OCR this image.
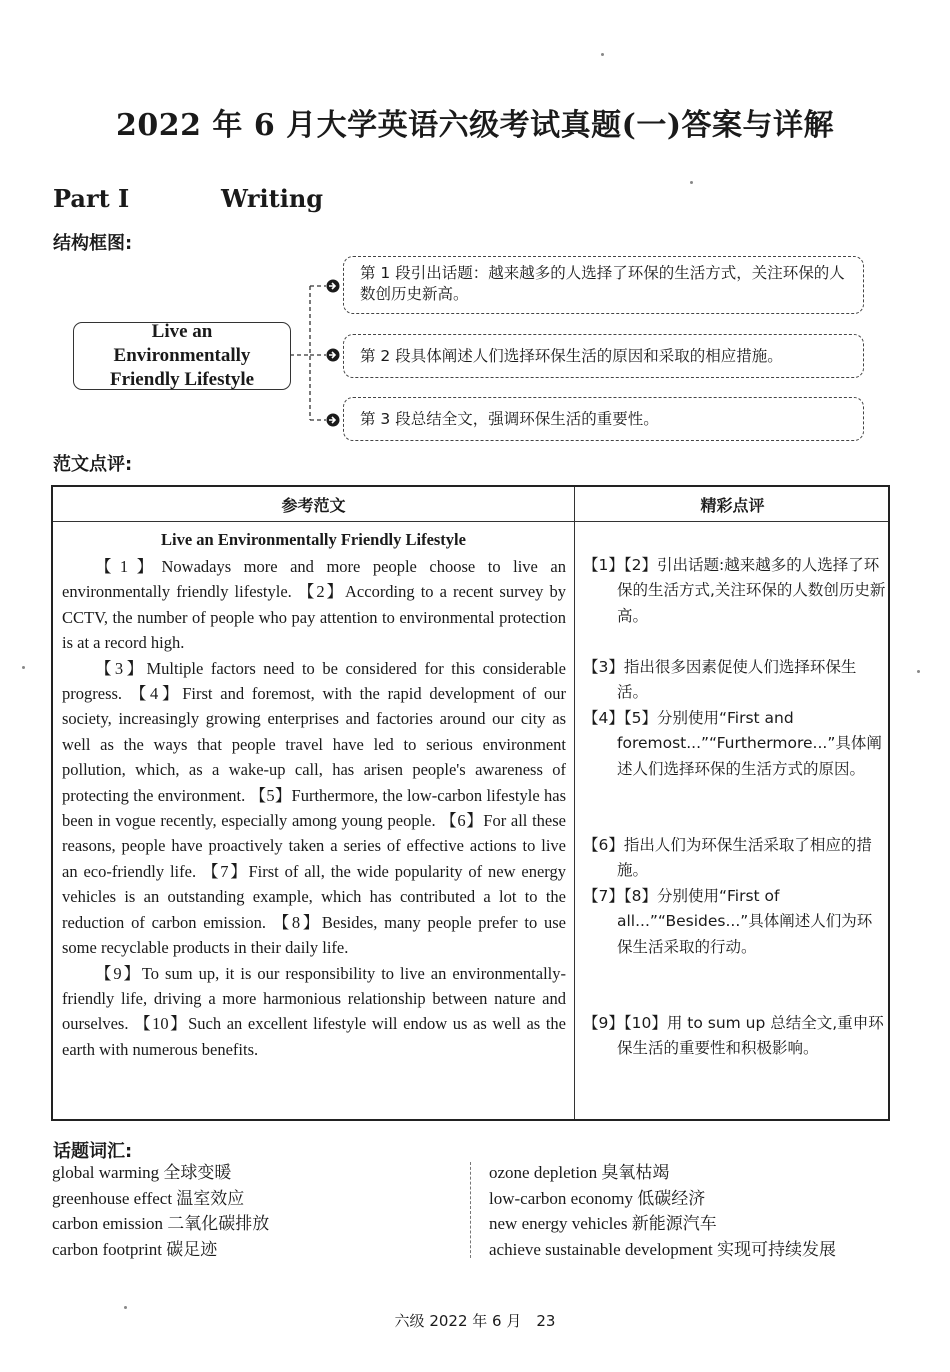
2022 年 6 月大学英语六级考试真题(一)答案与详解
Part Ⅰ	Writing
结构框图:
Live an Environmentally Friendly Lifestyle
第 1 段引出话题：越来越多的人选择了环保的生活方式，关注环保的人数创历史新高。
第 2 段具体阐述人们选择环保生活的原因和采取的相应措施。
第 3 段总结全文，强调环保生活的重要性。
范文点评:
参考范文	精彩点评
Live an Environmentally Friendly Lifestyle

【1】Nowadays more and more people choose to live an environmentally friendly lifestyle. 【2】According to a recent survey by CCTV, the number of people who pay attention to environmental protection is at a record high.

【3】Multiple factors need to be considered for this considerable progress. 【4】First and foremost, with the rapid development of our society, increasingly growing enterprises and factories around our city as well as the ways that people travel have led to serious environment pollution, which, as a wake-up call, has arisen people's awareness of protecting the environment. 【5】Furthermore, the low-carbon lifestyle has been in vogue recently, especially among young people. 【6】For all these reasons, people have proactively taken a series of effective actions to live an eco-friendly life. 【7】First of all, the wide popularity of new energy vehicles is an outstanding example, which has contributed a lot to the reduction of carbon emission. 【8】Besides, many people prefer to use some recyclable products in their daily life.

【9】To sum up, it is our responsibility to live an environmentally-friendly life, driving a more harmonious relationship between nature and ourselves. 【10】Such an excellent lifestyle will endow us as well as the earth with numerous benefits.

【1】【2】引出话题:越来越多的人选择了环保的生活方式,关注环保的人数创历史新高。
【3】指出很多因素促使人们选择环保生活。
【4】【5】分别使用“First and foremost...”“Furthermore...”具体阐述人们选择环保的生活方式的原因。
【6】指出人们为环保生活采取了相应的措施。
【7】【8】分别使用“First of all...”“Besides...”具体阐述人们为环保生活采取的行动。
【9】【10】用 to sum up 总结全文,重申环保生活的重要性和积极影响。
话题词汇:
global warming 全球变暖
greenhouse effect 温室效应
carbon emission 二氧化碳排放
carbon footprint 碳足迹
ozone depletion 臭氧枯竭
low-carbon economy 低碳经济
new energy vehicles 新能源汽车
achieve sustainable development 实现可持续发展
六级 2022 年 6 月　23
